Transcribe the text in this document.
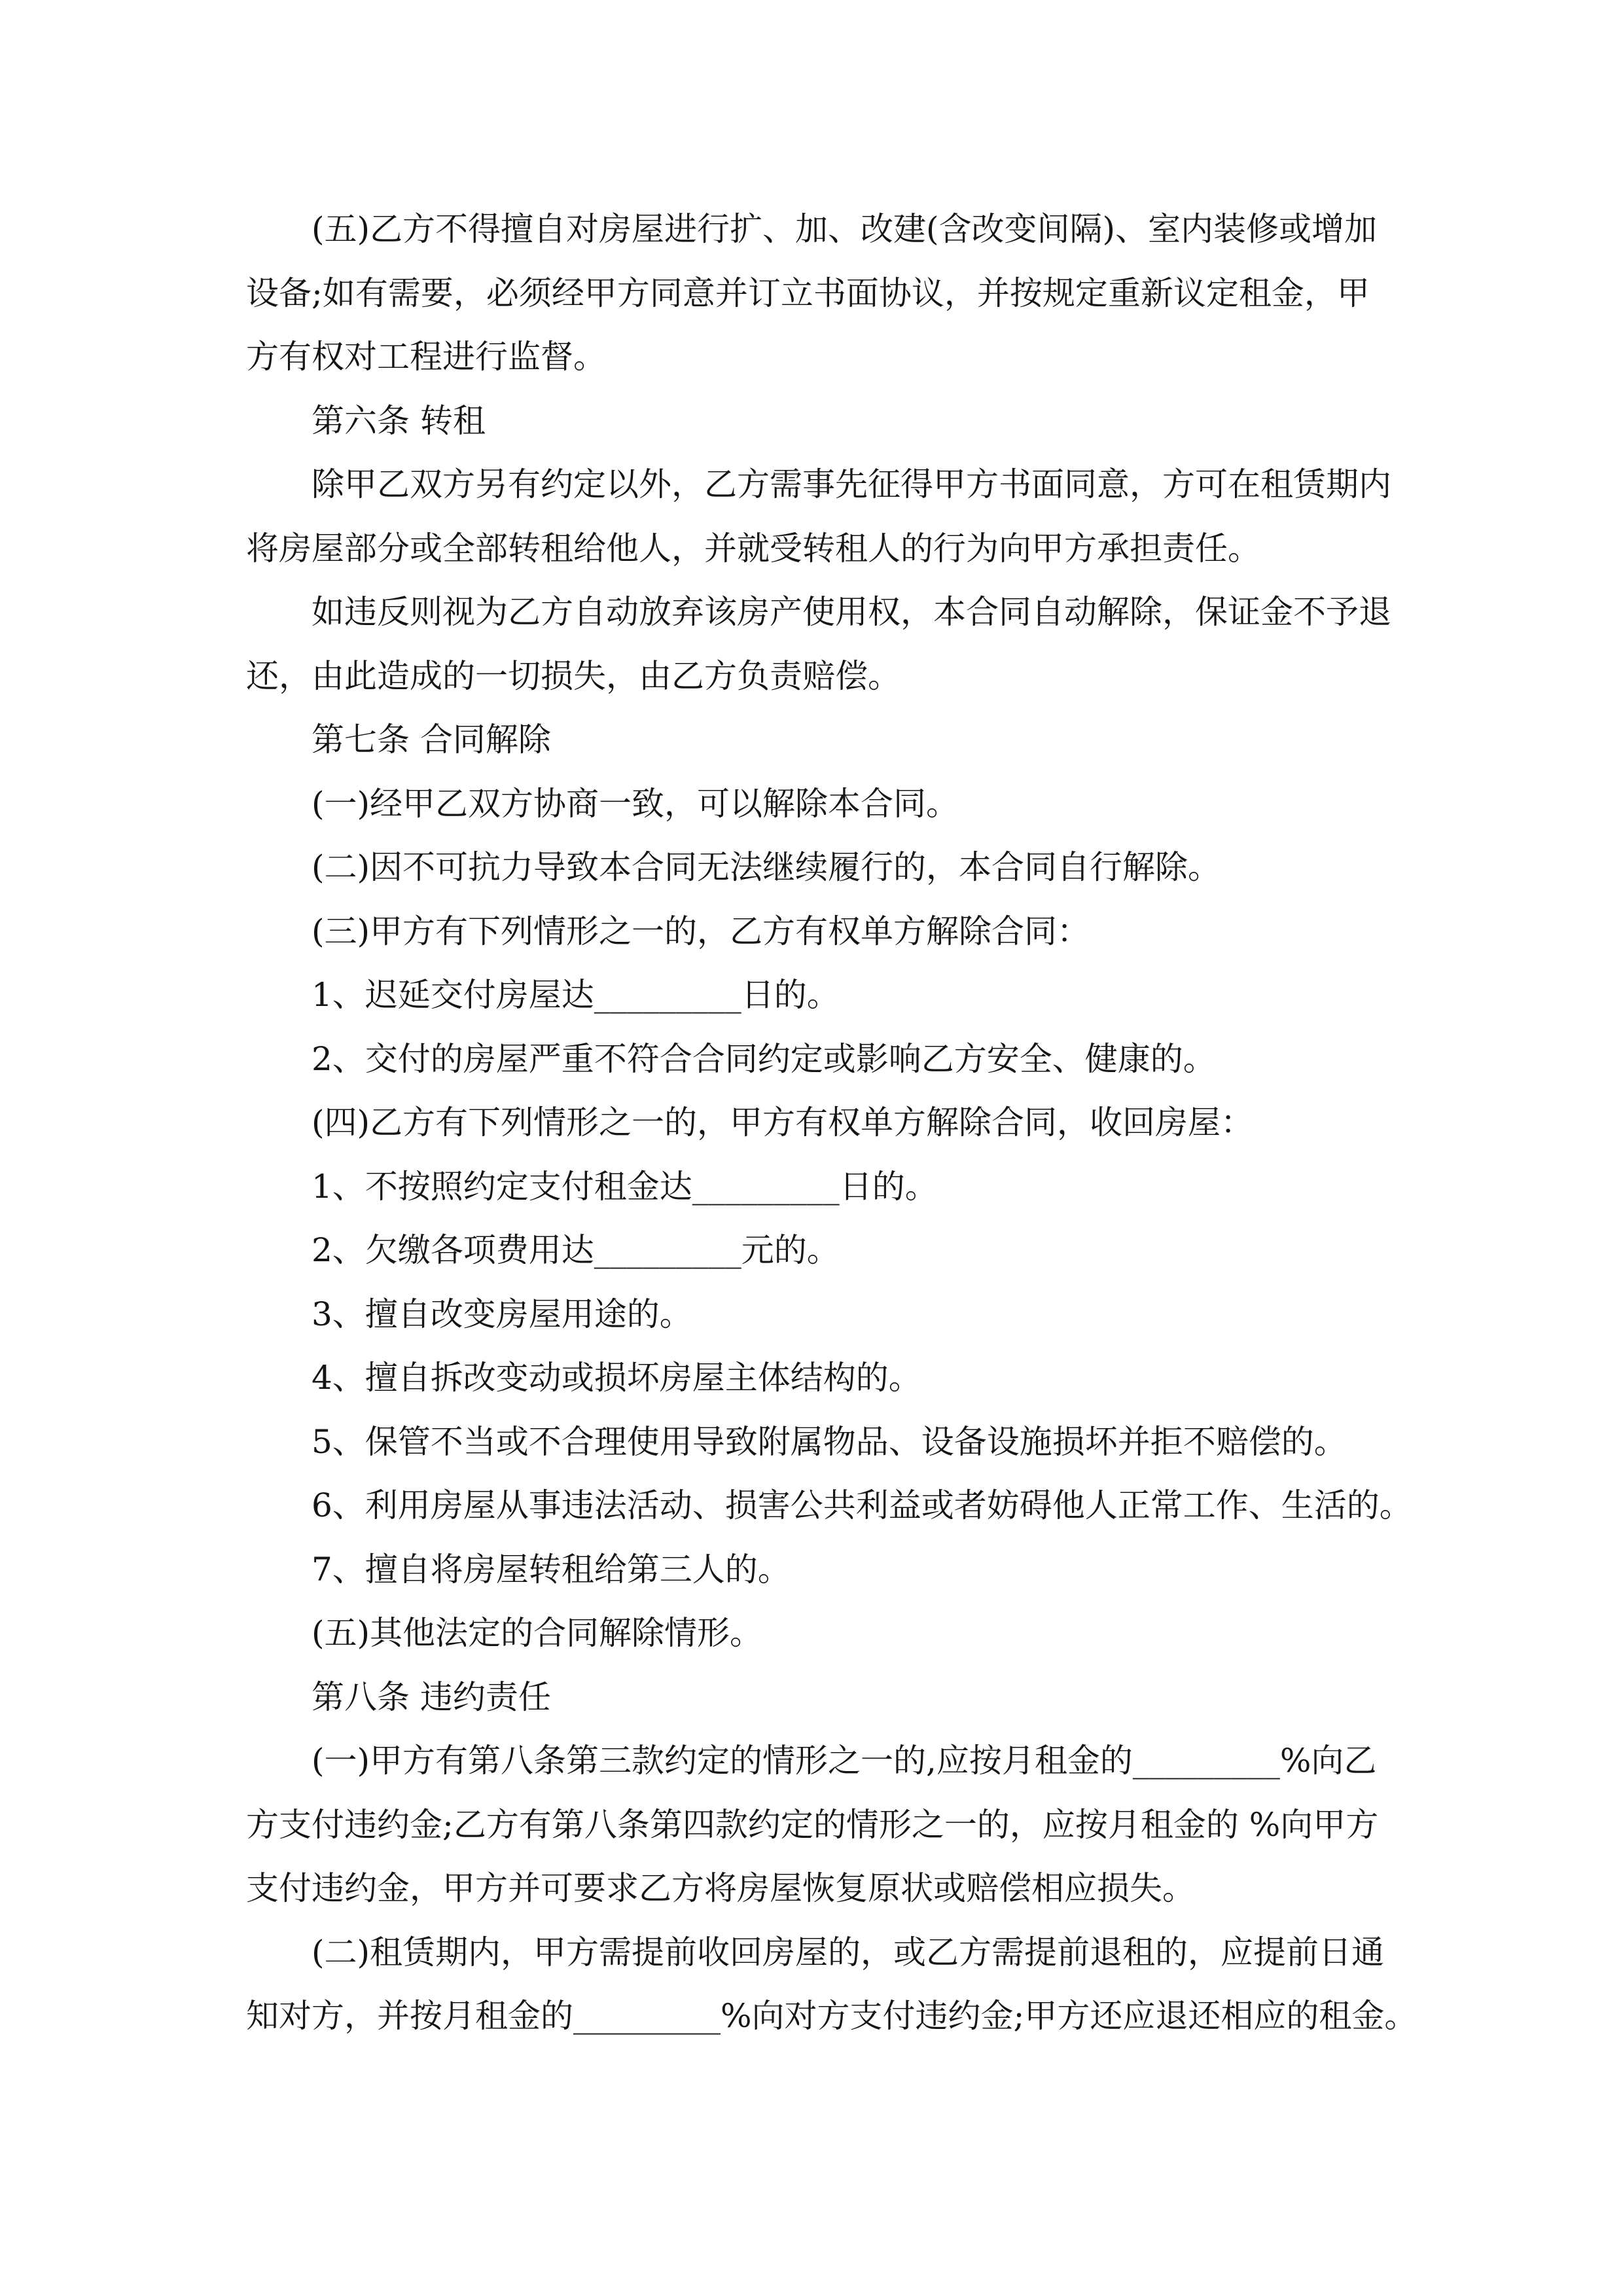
(五)乙方不得擅自对房屋进行扩、加、改建(含改变间隔)、室内装修或增加
设备;如有需要，必须经甲方同意并订立书面协议，并按规定重新议定租金，甲
方有权对工程进行监督。
第六条 转租
除甲乙双方另有约定以外，乙方需事先征得甲方书面同意，方可在租赁期内
将房屋部分或全部转租给他人，并就受转租人的行为向甲方承担责任。
如违反则视为乙方自动放弃该房产使用权，本合同自动解除，保证金不予退
还，由此造成的一切损失，由乙方负责赔偿。
第七条 合同解除
(一)经甲乙双方协商一致，可以解除本合同。
(二)因不可抗力导致本合同无法继续履行的，本合同自行解除。
(三)甲方有下列情形之一的，乙方有权单方解除合同：
1、迟延交付房屋达_________日的。
2、交付的房屋严重不符合合同约定或影响乙方安全、健康的。
(四)乙方有下列情形之一的，甲方有权单方解除合同，收回房屋：
1、不按照约定支付租金达_________日的。
2、欠缴各项费用达_________元的。
3、擅自改变房屋用途的。
4、擅自拆改变动或损坏房屋主体结构的。
5、保管不当或不合理使用导致附属物品、设备设施损坏并拒不赔偿的。
6、利用房屋从事违法活动、损害公共利益或者妨碍他人正常工作、生活的。
7、擅自将房屋转租给第三人的。
(五)其他法定的合同解除情形。
第八条 违约责任
(一)甲方有第八条第三款约定的情形之一的,应按月租金的_________%向乙
方支付违约金;乙方有第八条第四款约定的情形之一的，应按月租金的 %向甲方
支付违约金，甲方并可要求乙方将房屋恢复原状或赔偿相应损失。
(二)租赁期内，甲方需提前收回房屋的，或乙方需提前退租的，应提前日通
知对方，并按月租金的_________%向对方支付违约金;甲方还应退还相应的租金。
